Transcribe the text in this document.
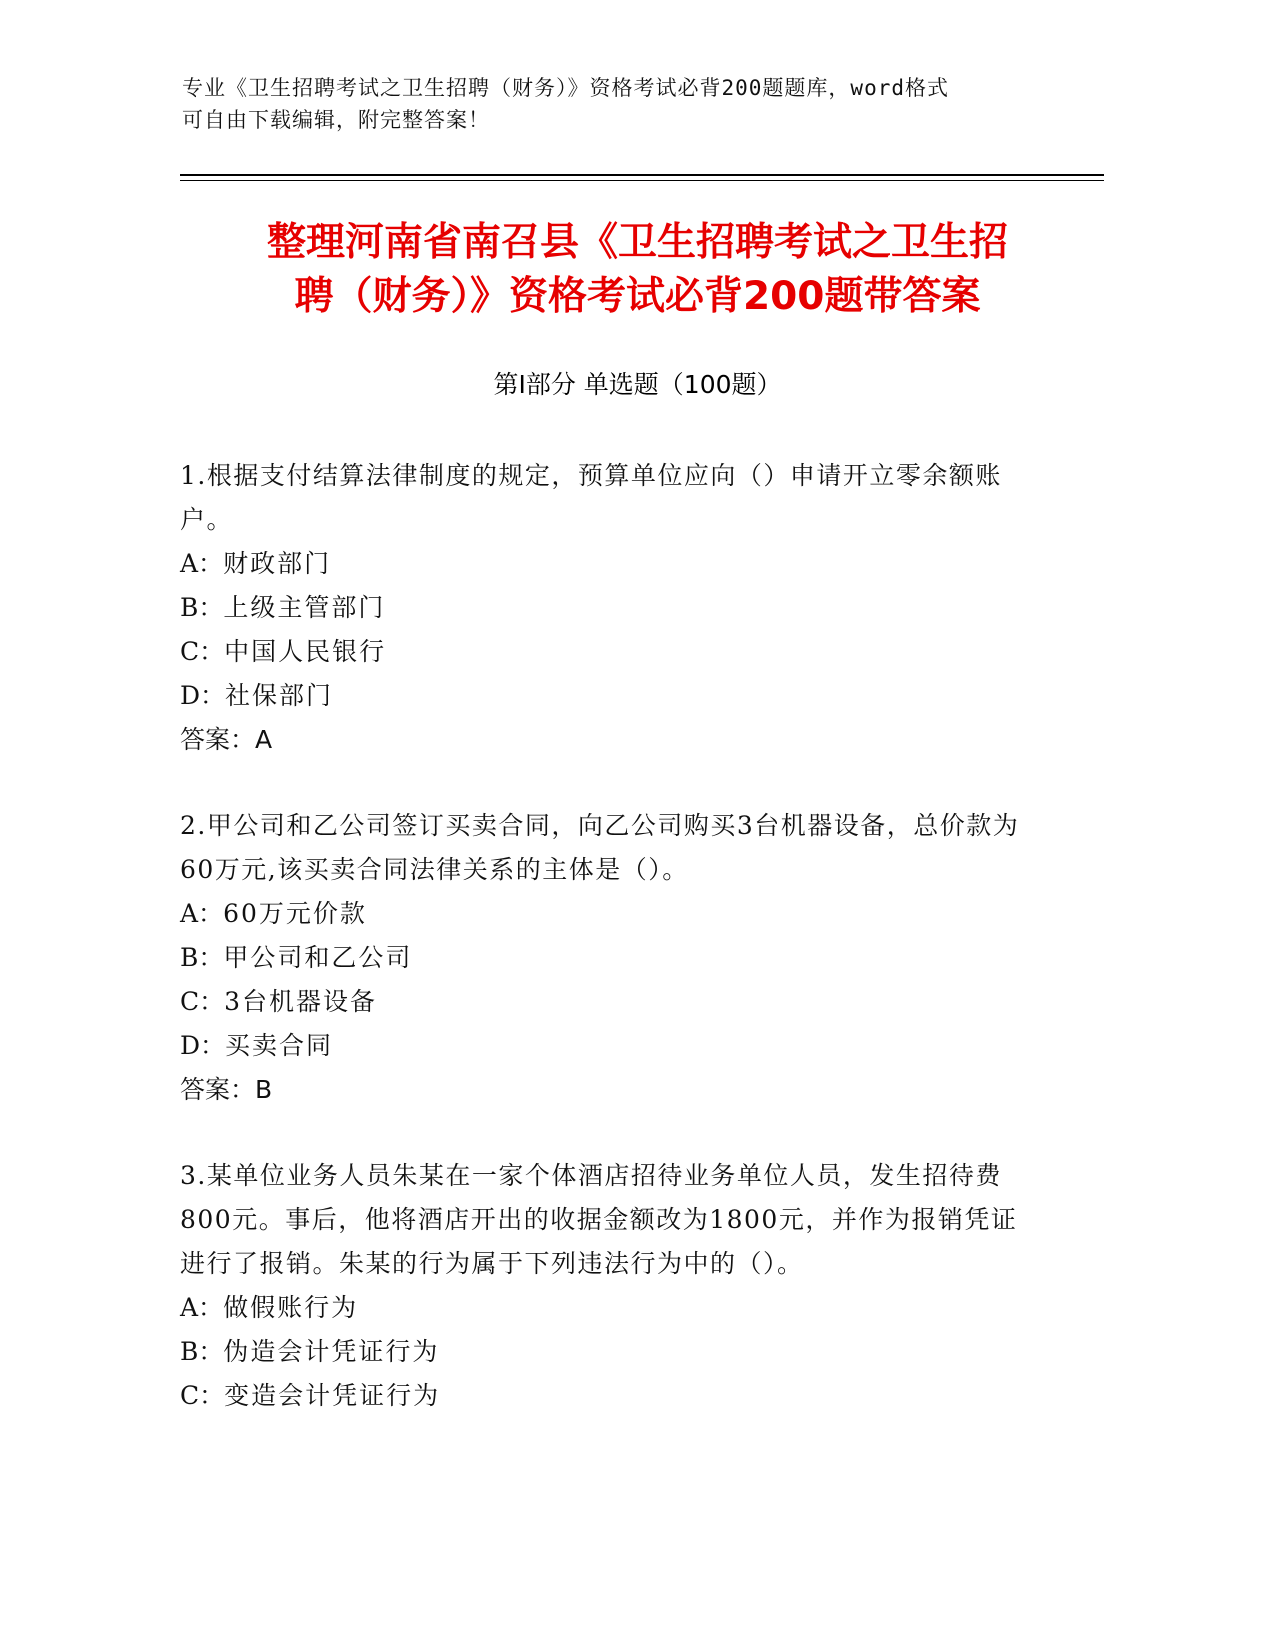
专业《卫生招聘考试之卫生招聘（财务）》资格考试必背200题题库，word格式

可自由下载编辑，附完整答案！

整理河南省南召县《卫生招聘考试之卫生招

聘（财务）》资格考试必背200题带答案

第Ⅰ部分 单选题（100题）

1.根据支付结算法律制度的规定，预算单位应向（）申请开立零余额账户。

A：财政部门

B：上级主管部门

C：中国人民银行

D：社保部门

答案：A

2.甲公司和乙公司签订买卖合同，向乙公司购买3台机器设备，总价款为60万元,该买卖合同法律关系的主体是（）。

A：60万元价款

B：甲公司和乙公司

C：3台机器设备

D：买卖合同

答案：B

3.某单位业务人员朱某在一家个体酒店招待业务单位人员，发生招待费800元。事后，他将酒店开出的收据金额改为1800元，并作为报销凭证进行了报销。朱某的行为属于下列违法行为中的（）。

A：做假账行为

B：伪造会计凭证行为

C：变造会计凭证行为
